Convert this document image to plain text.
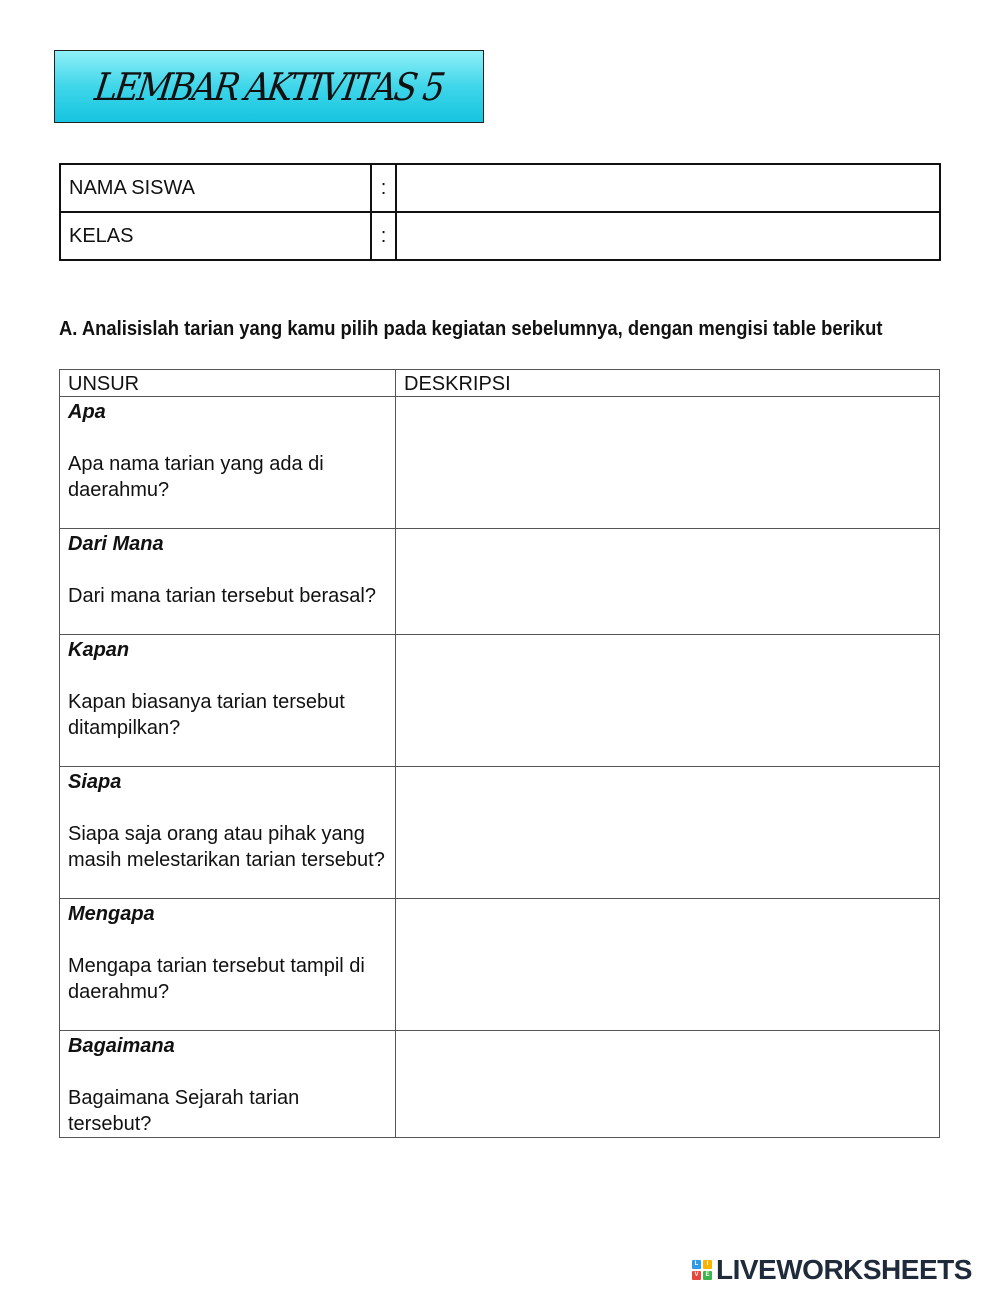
LEMBAR AKTIVITAS 5
NAMA SISWA	:	
KELAS	:	
A. Analisislah tarian yang kamu pilih pada kegiatan sebelumnya, dengan mengisi table berikut
UNSUR	DESKRIPSI

Apa
Apa nama tarian yang ada di daerahmu?	

Dari Mana
Dari mana tarian tersebut berasal?	

Kapan
Kapan biasanya tarian tersebut ditampilkan?	

Siapa
Siapa saja orang atau pihak yang masih melestarikan tarian tersebut?	

Mengapa
Mengapa tarian tersebut tampil di daerahmu?	

Bagaimana
Bagaimana Sejarah tarian tersebut?	

L	I
V	E LIVEWORKSHEETS
